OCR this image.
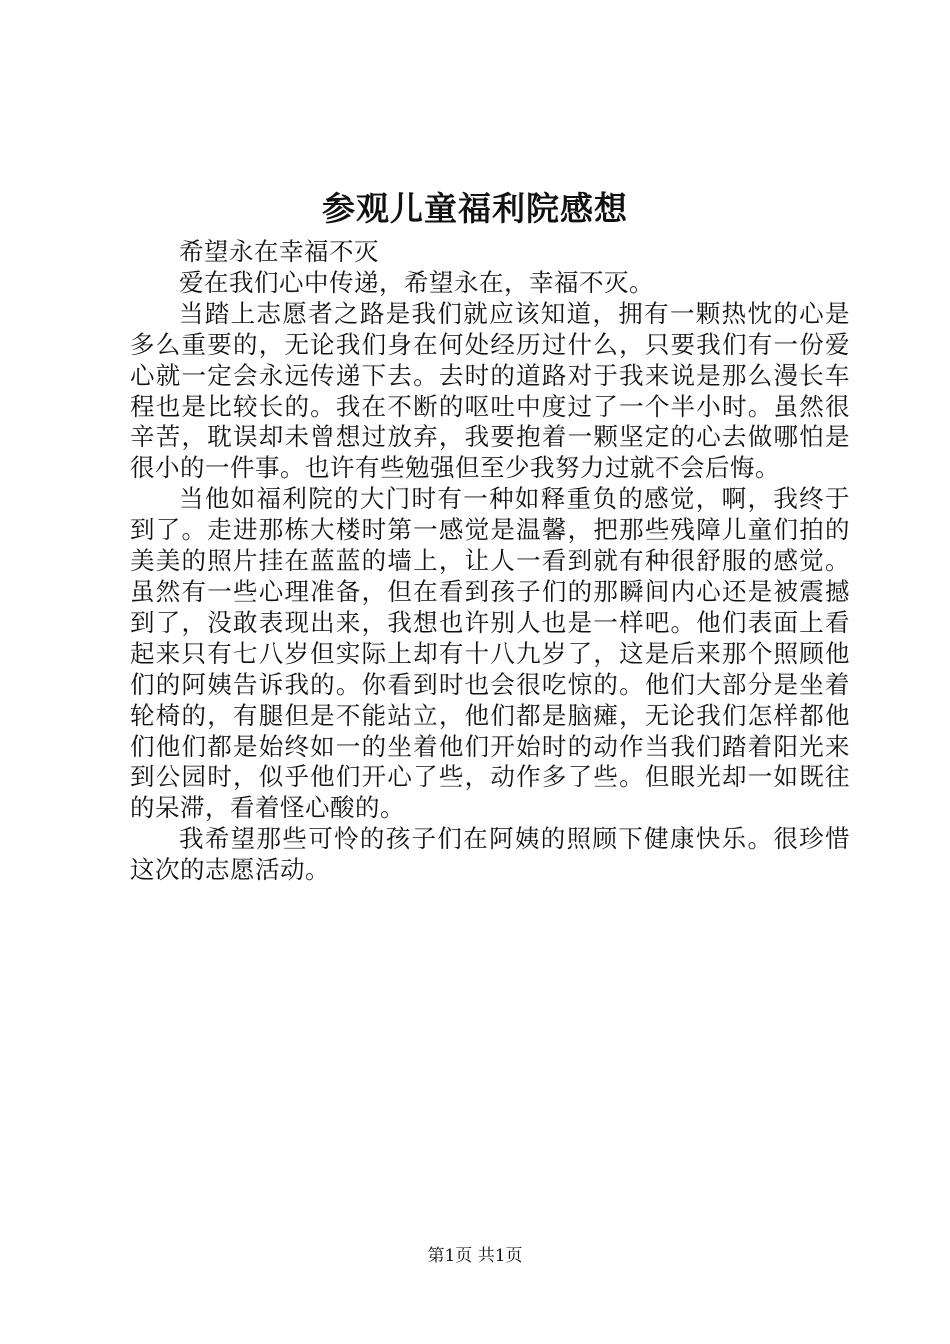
参观儿童福利院感想

希望永在幸福不灭

爱在我们心中传递，希望永在，幸福不灭。

当踏上志愿者之路是我们就应该知道，拥有一颗热忱的心是多么重要的，无论我们身在何处经历过什么，只要我们有一份爱心就一定会永远传递下去。去时的道路对于我来说是那么漫长车程也是比较长的。我在不断的呕吐中度过了一个半小时。虽然很辛苦，耽误却未曾想过放弃，我要抱着一颗坚定的心去做哪怕是很小的一件事。也许有些勉强但至少我努力过就不会后悔。

当他如福利院的大门时有一种如释重负的感觉，啊，我终于到了。走进那栋大楼时第一感觉是温馨，把那些残障儿童们拍的美美的照片挂在蓝蓝的墙上，让人一看到就有种很舒服的感觉。虽然有一些心理准备，但在看到孩子们的那瞬间内心还是被震撼到了，没敢表现出来，我想也许别人也是一样吧。他们表面上看起来只有七八岁但实际上却有十八九岁了，这是后来那个照顾他们的阿姨告诉我的。你看到时也会很吃惊的。他们大部分是坐着轮椅的，有腿但是不能站立，他们都是脑瘫，无论我们怎样都他们他们都是始终如一的坐着他们开始时的动作当我们踏着阳光来到公园时，似乎他们开心了些，动作多了些。但眼光却一如既往的呆滞，看着怪心酸的。

我希望那些可怜的孩子们在阿姨的照顾下健康快乐。很珍惜这次的志愿活动。

第1页 共1页
